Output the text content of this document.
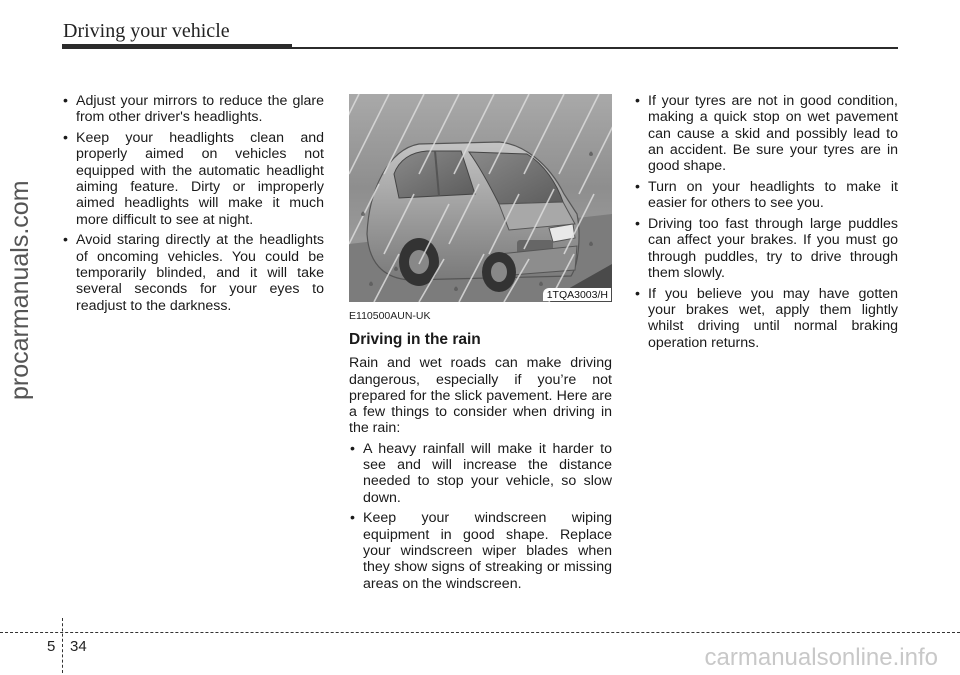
Driving your vehicle
procarmanuals.com
• Adjust your mirrors to reduce the glare from other driver's headlights.
• Keep your headlights clean and properly aimed on vehicles not equipped with the automatic headlight aiming feature. Dirty or improperly aimed headlights will make it much more difficult to see at night.
• Avoid staring directly at the headlights of oncoming vehicles. You could be temporarily blinded, and it will take several seconds for your eyes to readjust to the darkness.
1TQA3003/H
E110500AUN-UK
Driving in the rain
Rain and wet roads can make driving dangerous, especially if you’re not prepared for the slick pavement. Here are a few things to consider when driving in the rain:
• A heavy rainfall will make it harder to see and will increase the distance needed to stop your vehicle, so slow down.
• Keep your windscreen wiping equipment in good shape. Replace your windscreen wiper blades when they show signs of streaking or missing areas on the windscreen.
• If your tyres are not in good condition, making a quick stop on wet pavement can cause a skid and possibly lead to an accident. Be sure your tyres are in good shape.
• Turn on your headlights to make it easier for others to see you.
• Driving too fast through large puddles can affect your brakes. If you must go through puddles, try to drive through them slowly.
• If you believe you may have gotten your brakes wet, apply them lightly whilst driving until normal braking operation returns.
5 34	carmanualsonline.info
